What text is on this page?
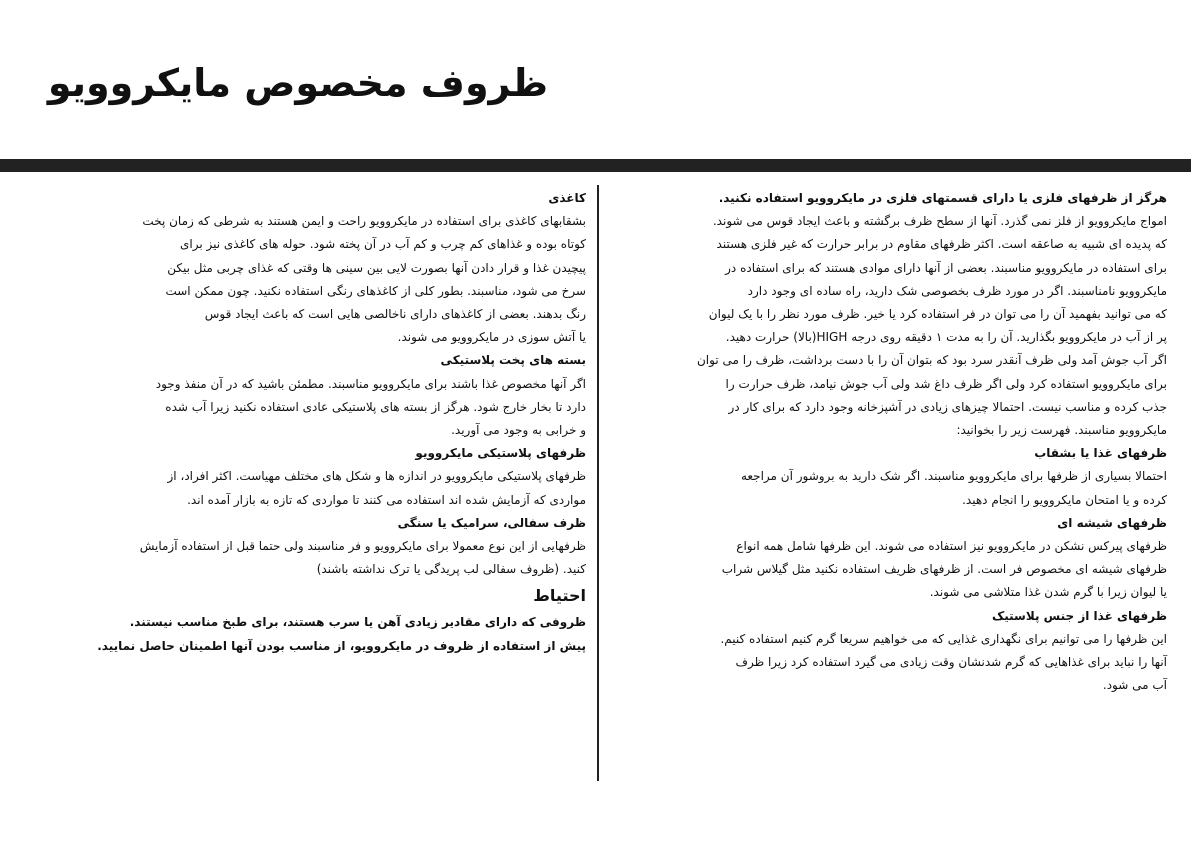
ظروف مخصوص مایکروویو

هرگز از ظرفهای فلزی یا دارای قسمتهای فلزی در مایکروویو استفاده نکنید.

امواج مایکروویو از فلز نمی گذرد. آنها از سطح ظرف برگشته و باعث ایجاد قوس می شوند.

که پدیده ای شبیه به صاعقه است. اکثر ظرفهای مقاوم در برابر حرارت که غیر فلزی هستند

برای استفاده در مایکروویو مناسبند. بعضی از آنها دارای موادی هستند که برای استفاده در

مایکروویو نامناسبند. اگر در مورد ظرف بخصوصی شک دارید، راه ساده ای وجود دارد

که می توانید بفهمید آن را می توان در فر استفاده کرد یا خیر. ظرف مورد نظر را با یک لیوان

پر از آب در مایکروویو بگذارید. آن را به مدت ۱ دقیقه روی درجه HIGH(بالا) حرارت دهید.

اگر آب جوش آمد ولی ظرف آنقدر سرد بود که بتوان آن را با دست برداشت، ظرف را می توان

برای مایکروویو استفاده کرد ولی اگر ظرف داغ شد ولی آب جوش نیامد، ظرف حرارت را

جذب کرده و مناسب نیست. احتمالا چیزهای زیادی در آشپزخانه وجود دارد که برای کار در

مایکروویو مناسبند. فهرست زیر را بخوانید:

ظرفهای غذا یا بشقاب

احتمالا بسیاری از ظرفها برای مایکروویو مناسبند. اگر شک دارید به بروشور آن مراجعه

کرده و یا امتحان مایکروویو را انجام دهید.

ظرفهای شیشه ای

ظرفهای پیرکس نشکن در مایکروویو نیز استفاده می شوند. این ظرفها شامل همه انواع

ظرفهای شیشه ای مخصوص فر است. از ظرفهای ظریف استفاده نکنید مثل گیلاس شراب

یا لیوان زیرا با گرم شدن غذا متلاشی می شوند.

ظرفهای غذا از جنس پلاستیک

این ظرفها را می توانیم برای نگهداری غذایی که می خواهیم سریعا گرم کنیم استفاده کنیم.

آنها را نباید برای غذاهایی که گرم شدنشان وقت زیادی می گیرد استفاده کرد زیرا ظرف

آب می شود.

کاغذی

بشقابهای کاغذی برای استفاده در مایکروویو راحت و ایمن هستند به شرطی که زمان پخت

کوتاه بوده و غذاهای کم چرب و کم آب در آن پخته شود. حوله های کاغذی نیز برای

پیچیدن غذا و قرار دادن آنها بصورت لایی بین سینی ها وقتی که غذای چربی مثل بیکن

سرخ می شود، مناسبند. بطور کلی از کاغذهای رنگی استفاده نکنید. چون ممکن است

رنگ بدهند. بعضی از کاغذهای دارای ناخالصی هایی است که باعث ایجاد قوس

یا آتش سوزی در مایکروویو می شوند.

بسته های پخت پلاستیکی

اگر آنها مخصوص غذا باشند برای مایکروویو مناسبند. مطمئن باشید که در آن منفذ وجود

دارد تا بخار خارج شود. هرگز از بسته های پلاستیکی عادی استفاده نکنید زیرا آب شده

و خرابی به وجود می آورید.

ظرفهای پلاستیکی مایکروویو

ظرفهای پلاستیکی مایکروویو در اندازه ها و شکل های مختلف مهیاست. اکثر افراد، از

مواردی که آزمایش شده اند استفاده می کنند تا مواردی که تازه به بازار آمده اند.

ظرف سفالی، سرامیک یا سنگی

ظرفهایی از این نوع معمولا برای مایکروویو و فر مناسبند ولی حتما قبل از استفاده آزمایش

کنید. (ظروف سفالی لب پریدگی یا ترک نداشته باشند)

احتیاط

ظروفی که دارای مقادیر زیادی آهن یا سرب هستند، برای طبخ مناسب نیستند.

پیش از استفاده از ظروف در مایکروویو، از مناسب بودن آنها اطمینان حاصل نمایید.
